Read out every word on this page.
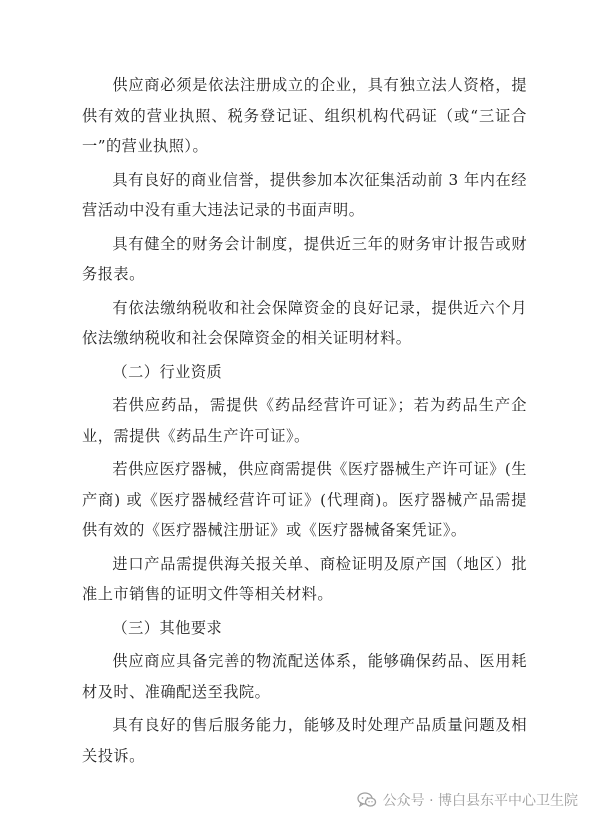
供应商必须是依法注册成立的企业，具有独立法人资格，提供有效的营业执照、税务登记证、组织机构代码证（或“三证合一”的营业执照）。

具有良好的商业信誉，提供参加本次征集活动前 3 年内在经营活动中没有重大违法记录的书面声明。

具有健全的财务会计制度，提供近三年的财务审计报告或财务报表。

有依法缴纳税收和社会保障资金的良好记录，提供近六个月依法缴纳税收和社会保障资金的相关证明材料。

（二）行业资质

若供应药品，需提供《药品经营许可证》；若为药品生产企业，需提供《药品生产许可证》。

若供应医疗器械，供应商需提供《医疗器械生产许可证》(生产商) 或《医疗器械经营许可证》(代理商)。医疗器械产品需提供有效的《医疗器械注册证》或《医疗器械备案凭证》。

进口产品需提供海关报关单、商检证明及原产国（地区）批准上市销售的证明文件等相关材料。

（三）其他要求

供应商应具备完善的物流配送体系，能够确保药品、医用耗材及时、准确配送至我院。

具有良好的售后服务能力，能够及时处理产品质量问题及相关投诉。

公众号 · 博白县东平中心卫生院
